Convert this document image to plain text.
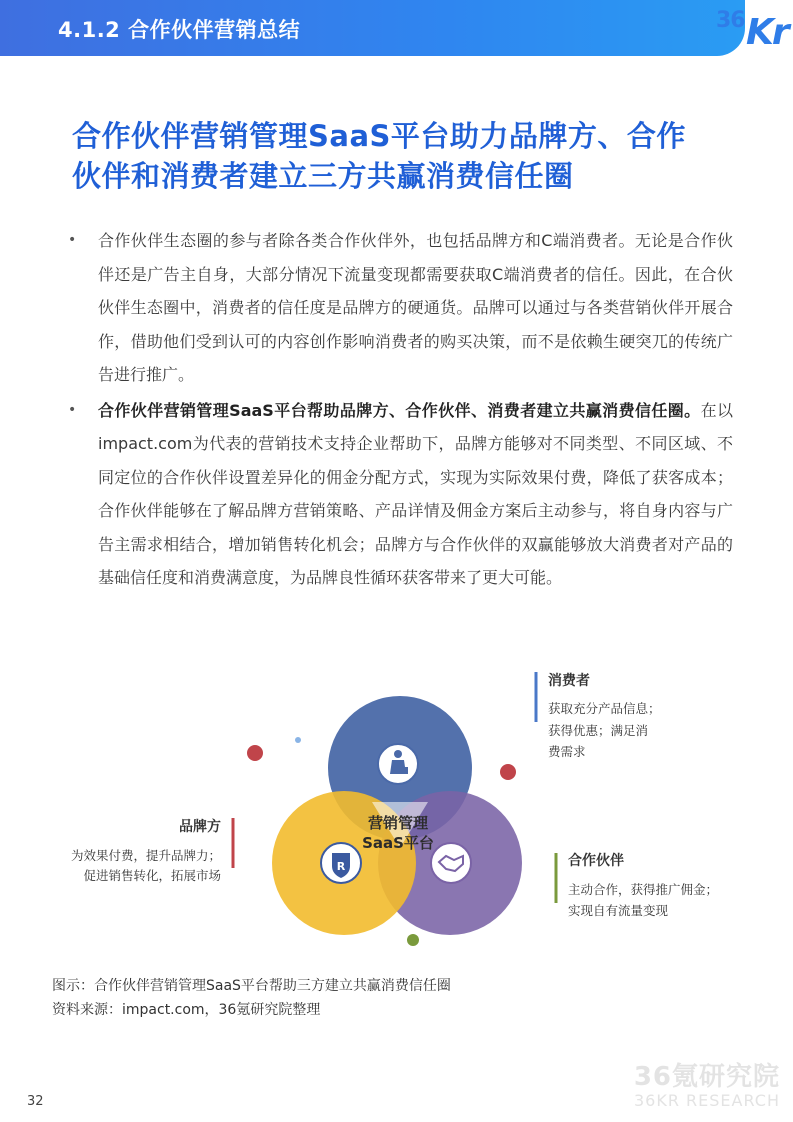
4.1.2 合作伙伴营销总结	36 Kr
合作伙伴营销管理SaaS平台助力品牌方、合作
伙伴和消费者建立三方共赢消费信任圈
• 合作伙伴生态圈的参与者除各类合作伙伴外，也包括品牌方和C端消费者。无论是合作伙伴还是广告主自身，大部分情况下流量变现都需要获取C端消费者的信任。因此，在合伙伙伴生态圈中，消费者的信任度是品牌方的硬通货。品牌可以通过与各类营销伙伴开展合作，借助他们受到认可的内容创作影响消费者的购买决策，而不是依赖生硬突兀的传统广告进行推广。
• 合作伙伴营销管理SaaS平台帮助品牌方、合作伙伴、消费者建立共赢消费信任圈。在以impact.com为代表的营销技术支持企业帮助下，品牌方能够对不同类型、不同区域、不同定位的合作伙伴设置差异化的佣金分配方式，实现为实际效果付费，降低了获客成本；合作伙伴能够在了解品牌方营销策略、产品详情及佣金方案后主动参与，将自身内容与广告主需求相结合，增加销售转化机会；品牌方与合作伙伴的双赢能够放大消费者对产品的基础信任度和消费满意度，为品牌良性循环获客带来了更大可能。
营销管理
SaaS平台
R
消费者
获取充分产品信息；
获得优惠；满足消
费需求
品牌方
为效果付费，提升品牌力；
促进销售转化，拓展市场
合作伙伴
主动合作，获得推广佣金；
实现自有流量变现
图示：合作伙伴营销管理SaaS平台帮助三方建立共赢消费信任圈
资料来源：impact.com，36氪研究院整理
32
36氪研究院
36KR RESEARCH
